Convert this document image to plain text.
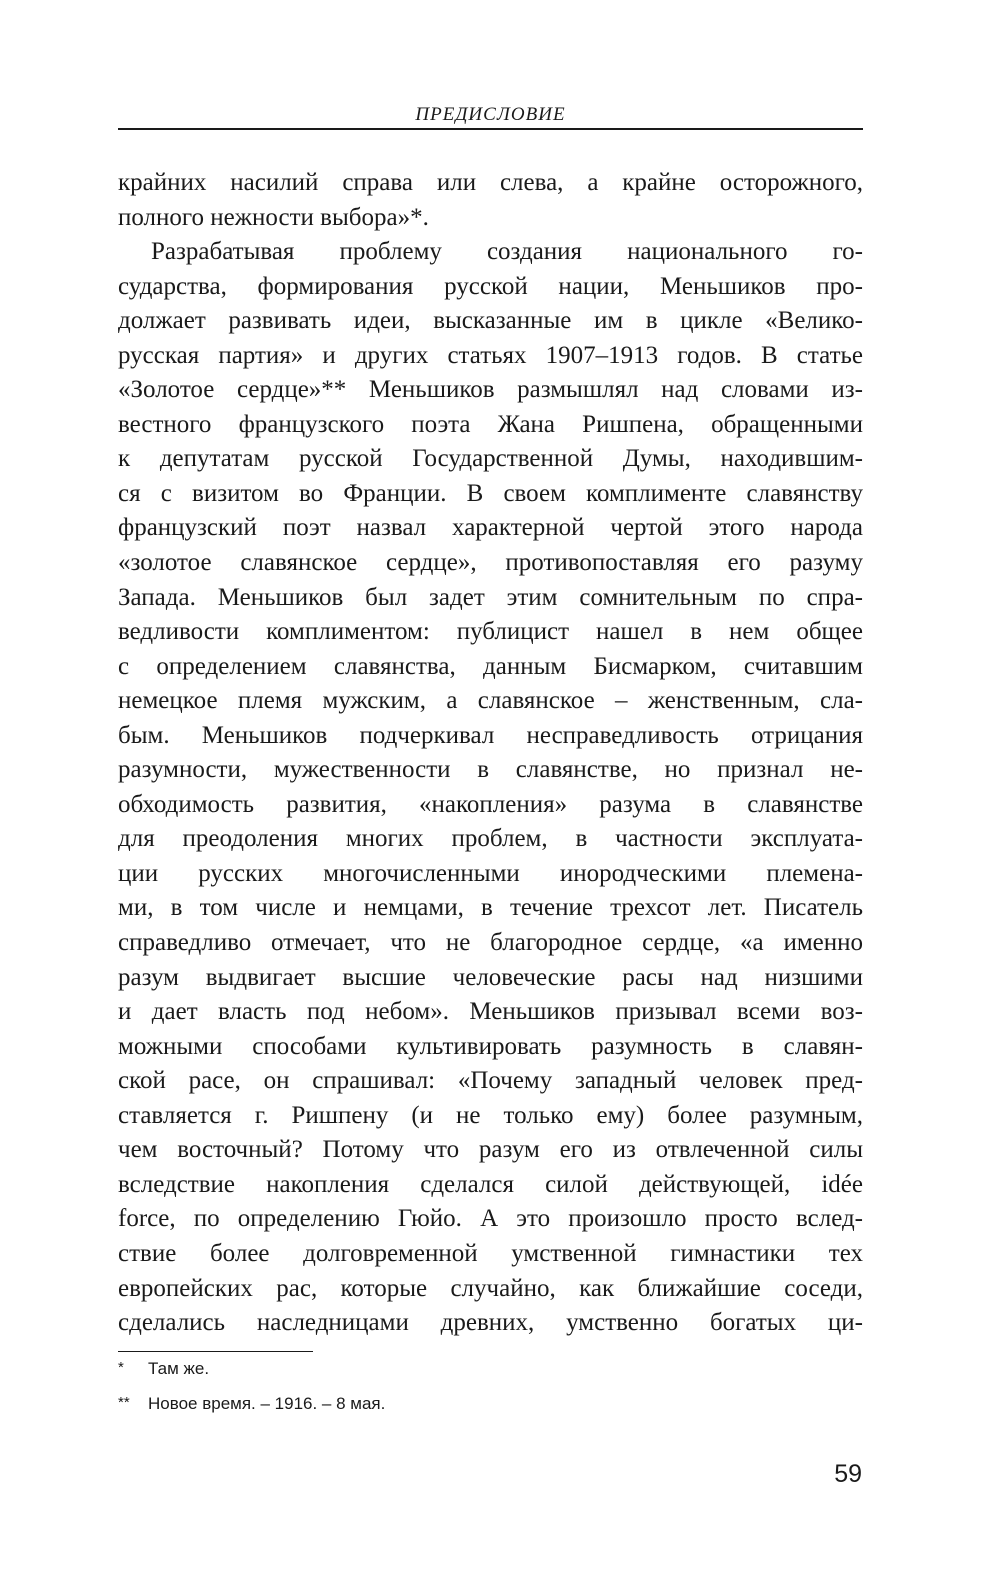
ПРЕДИСЛОВИЕ
крайних насилий справа или слева, а крайне осторожного,
полного нежности выбора»*.
Разрабатывая проблему создания национального го-
сударства, формирования русской нации, Меньшиков про-
должает развивать идеи, высказанные им в цикле «Велико-
русская партия» и других статьях 1907–1913 годов. В статье
«Золотое сердце»** Меньшиков размышлял над словами из-
вестного французского поэта Жана Ришпена, обращенными
к депутатам русской Государственной Думы, находившим-
ся с визитом во Франции. В своем комплименте славянству
французский поэт назвал характерной чертой этого народа
«золотое славянское сердце», противопоставляя его разуму
Запада. Меньшиков был задет этим сомнительным по спра-
ведливости комплиментом: публицист нашел в нем общее
с определением славянства, данным Бисмарком, считавшим
немецкое племя мужским, а славянское – женственным, сла-
бым. Меньшиков подчеркивал несправедливость отрицания
разумности, мужественности в славянстве, но признал не-
обходимость развития, «накопления» разума в славянстве
для преодоления многих проблем, в частности эксплуата-
ции русских многочисленными инородческими племена-
ми, в том числе и немцами, в течение трехсот лет. Писатель
справедливо отмечает, что не благородное сердце, «а именно
разум выдвигает высшие человеческие расы над низшими
и дает власть под небом». Меньшиков призывал всеми воз-
можными способами культивировать разумность в славян-
ской расе, он спрашивал: «Почему западный человек пред-
ставляется г. Ришпену (и не только ему) более разумным,
чем восточный? Потому что разум его из отвлеченной силы
вследствие накопления сделался силой действующей, idée
force, по определению Гюйо. А это произошло просто вслед-
ствие более долговременной умственной гимнастики тех
европейских рас, которые случайно, как ближайшие соседи,
сделались наследницами древних, умственно богатых ци-
* Там же.
** Новое время. – 1916. – 8 мая.
59
